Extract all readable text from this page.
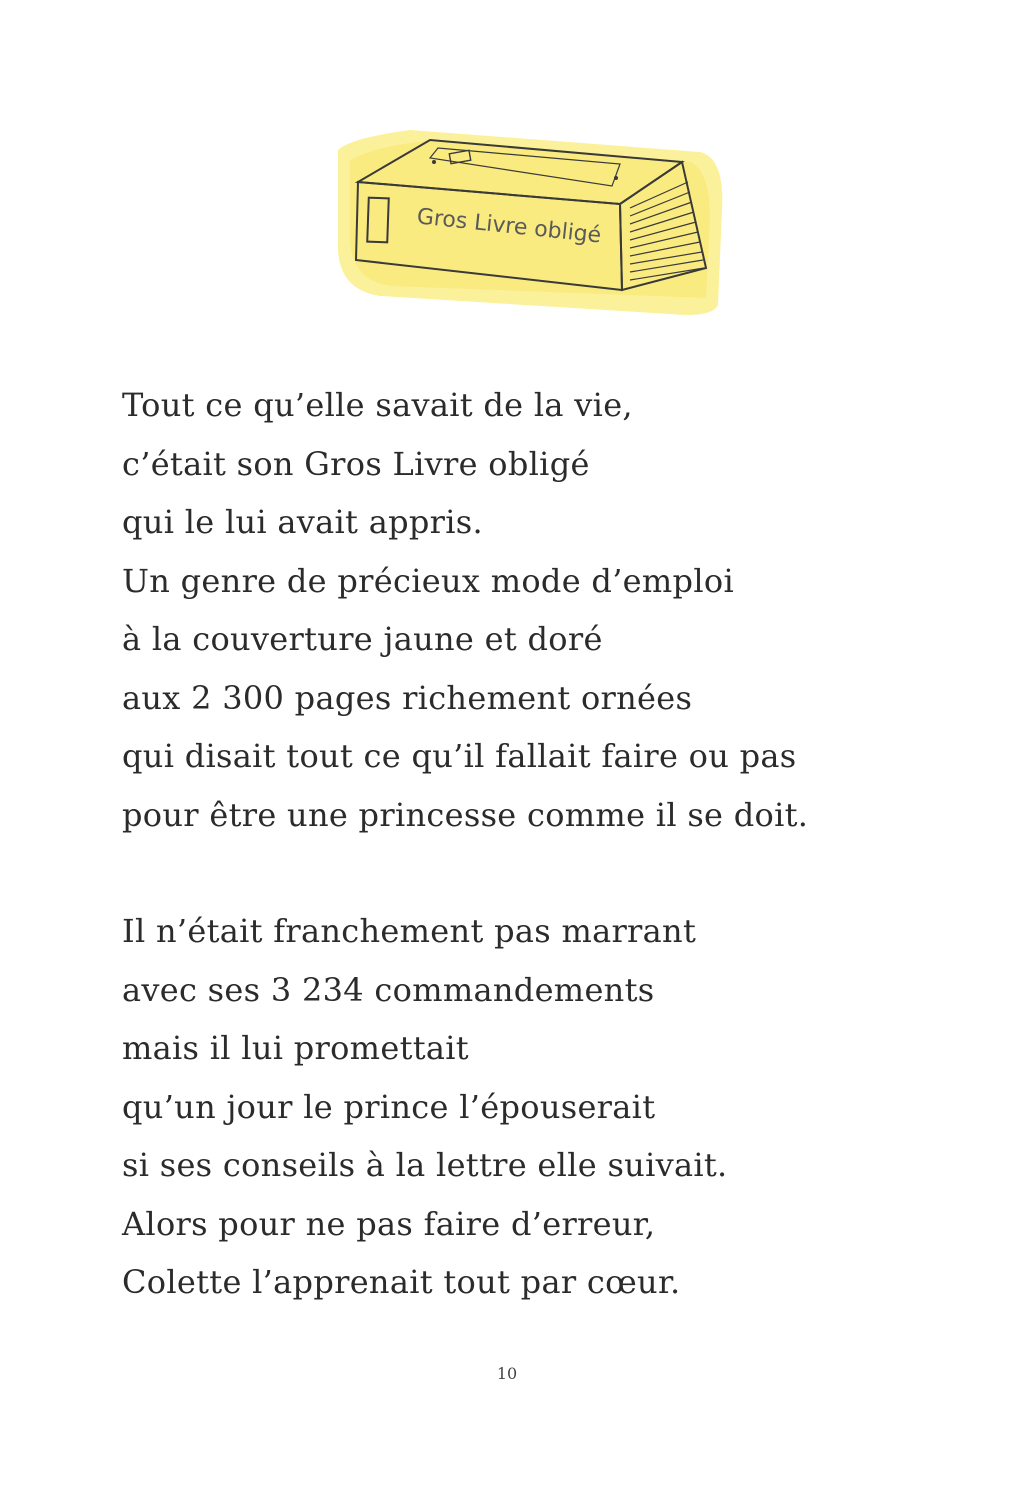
Gros Livre obligé
Tout ce qu’elle savait de la vie,
c’était son Gros Livre obligé
qui le lui avait appris.
Un genre de précieux mode d’emploi
à la couverture jaune et doré
aux 2 300 pages richement ornées
qui disait tout ce qu’il fallait faire ou pas
pour être une princesse comme il se doit.
Il n’était franchement pas marrant
avec ses 3 234 commandements
mais il lui promettait
qu’un jour le prince l’épouserait
si ses conseils à la lettre elle suivait.
Alors pour ne pas faire d’erreur,
Colette l’apprenait tout par cœur.
10
